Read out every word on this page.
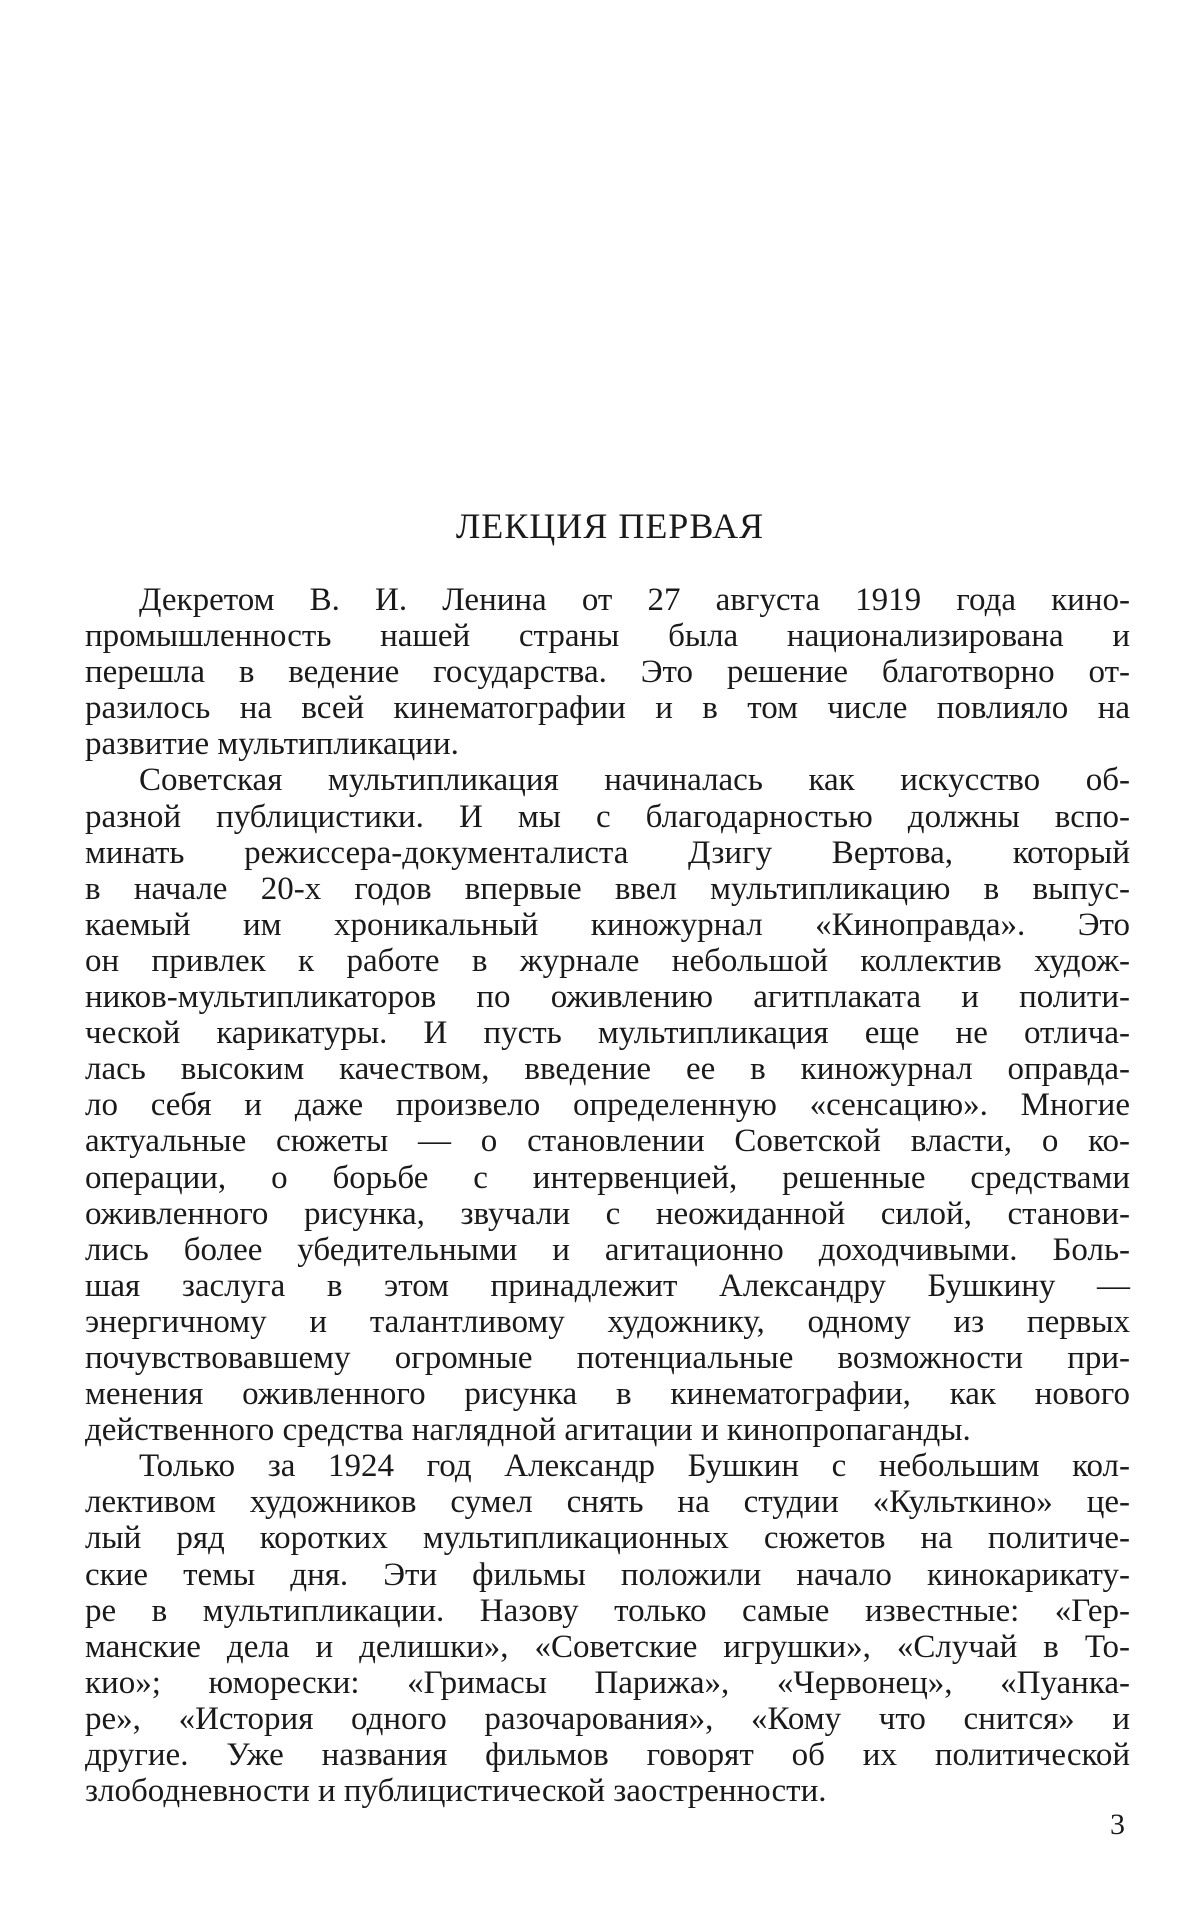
ЛЕКЦИЯ ПЕРВАЯ
Декретом В. И. Ленина от 27 августа 1919 года кино-
промышленность нашей страны была национализирована и
перешла в ведение государства. Это решение благотворно от-
разилось на всей кинематографии и в том числе повлияло на
развитие мультипликации.
Советская мультипликация начиналась как искусство об-
разной публицистики. И мы с благодарностью должны вспо-
минать режиссера-документалиста Дзигу Вертова, который
в начале 20-х годов впервые ввел мультипликацию в выпус-
каемый им хроникальный киножурнал «Киноправда». Это
он привлек к работе в журнале небольшой коллектив худож-
ников-мультипликаторов по оживлению агитплаката и полити-
ческой карикатуры. И пусть мультипликация еще не отлича-
лась высоким качеством, введение ее в киножурнал оправда-
ло себя и даже произвело определенную «сенсацию». Многие
актуальные сюжеты — о становлении Советской власти, о ко-
операции, о борьбе с интервенцией, решенные средствами
оживленного рисунка, звучали с неожиданной силой, станови-
лись более убедительными и агитационно доходчивыми. Боль-
шая заслуга в этом принадлежит Александру Бушкину —
энергичному и талантливому художнику, одному из первых
почувствовавшему огромные потенциальные возможности при-
менения оживленного рисунка в кинематографии, как нового
действенного средства наглядной агитации и кинопропаганды.
Только за 1924 год Александр Бушкин с небольшим кол-
лективом художников сумел снять на студии «Культкино» це-
лый ряд коротких мультипликационных сюжетов на политиче-
ские темы дня. Эти фильмы положили начало кинокарикату-
ре в мультипликации. Назову только самые известные: «Гер-
манские дела и делишки», «Советские игрушки», «Случай в То-
кио»; юморески: «Гримасы Парижа», «Червонец», «Пуанка-
ре», «История одного разочарования», «Кому что снится» и
другие. Уже названия фильмов говорят об их политической
злободневности и публицистической заостренности.
3
